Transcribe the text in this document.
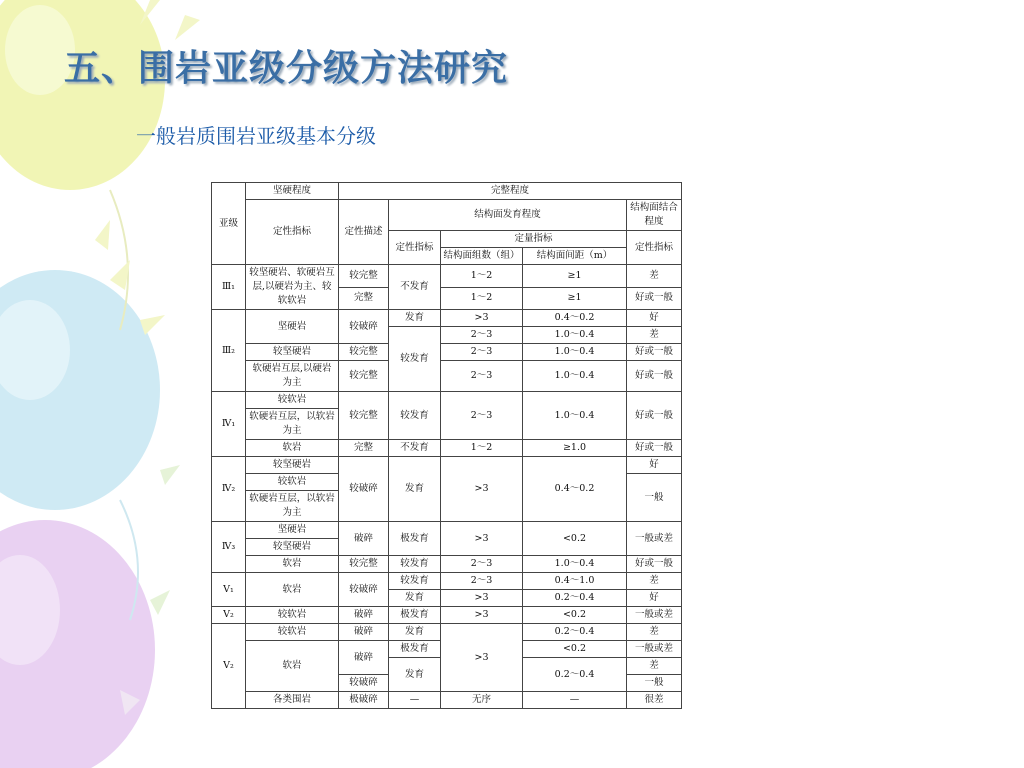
五、围岩亚级分级方法研究
一般岩质围岩亚级基本分级
亚级	坚硬程度	完整程度				
	定性指标	定性描述	结构面发育程度			结构面结合程度

			定性指标	定量指标		定性指标
				结构面组数（组）	结构面间距（m）	
Ⅲ₁	较坚硬岩、软硬岩互层,以硬岩为主、较软软岩	较完整	不发育	1～2	≥1	差
		完整		1～2	≥1	好或一般
Ⅲ₂	坚硬岩	较破碎	发育	>3	0.4～0.2	好
			较发育	2～3	1.0～0.4	差
	较坚硬岩	较完整		2～3	1.0～0.4	好或一般
	软硬岩互层,以硬岩为主	较完整		2～3	1.0～0.4	好或一般
Ⅳ₁	较软岩	较完整	较发育	2～3	1.0～0.4	好或一般
	软硬岩互层，以软岩为主					
	软岩	完整	不发育	1～2	≥1.0	好或一般
Ⅳ₂	较坚硬岩	较破碎	发育	>3	0.4～0.2	好
	较软岩					一般
	软硬岩互层，以软岩为主					
Ⅳ₃	坚硬岩	破碎	极发育	>3	<0.2	一般或差
	较坚硬岩					
	软岩	较完整	较发育	2～3	1.0～0.4	好或一般
Ⅴ₁	软岩	较破碎	较发育	2～3	0.4～1.0	差
			发育	>3	0.2～0.4	好
Ⅴ₂	较软岩	破碎	极发育	>3	<0.2	一般或差
Ⅴ₂	较软岩	破碎	发育	>3	0.2～0.4	差
	软岩	破碎	极发育		<0.2	一般或差
			发育		0.2～0.4	差
		较破碎				一般
	各类围岩	极破碎	—	无序	—	很差
